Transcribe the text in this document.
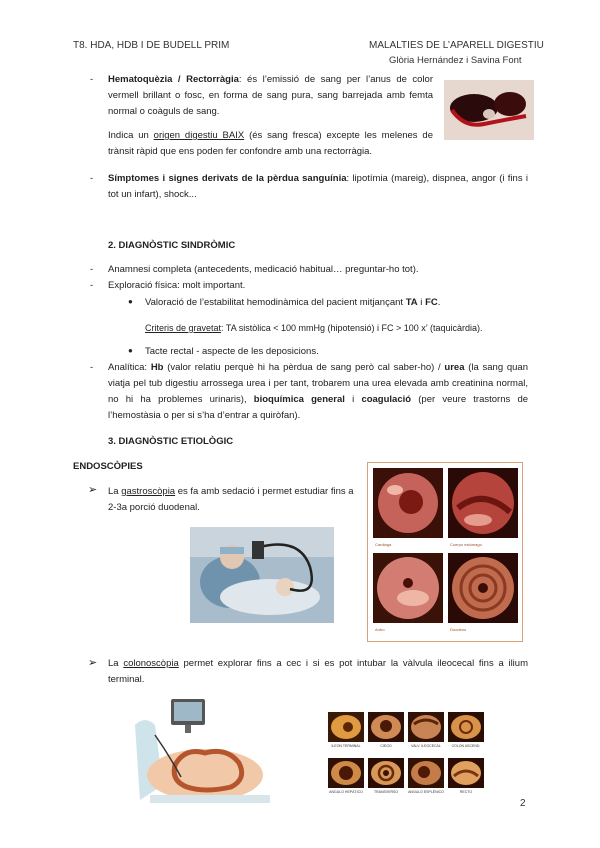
T8. HDA, HDB I DE BUDELL PRIM	MALALTIES DE L’APARELL DIGESTIU
Glòria Hernández i Savina Font
- Hematoquèzia / Rectorràgia: és l’emissió de sang per l’anus de color vermell brillant o fosc, en forma de sang pura, sang barrejada amb femta normal o coàguls de sang.
Indica un origen digestiu BAIX (és sang fresca) excepte les melenes de trànsit ràpid que ens poden fer confondre amb una rectorràgia.
- Símptomes i signes derivats de la pèrdua sanguínia: lipotímia (mareig), dispnea, angor (i fins i tot un infart), shock...
2. DIAGNÒSTIC SINDRÒMIC
- Anamnesi completa (antecedents, medicació habitual… preguntar-ho tot).
- Exploració física: molt important.
● Valoració de l’estabilitat hemodinàmica del pacient mitjançant TA i FC.
Criteris de gravetat: TA sistòlica < 100 mmHg (hipotensió) i FC > 100 x’ (taquicàrdia).
● Tacte rectal - aspecte de les deposicions.
- Analítica: Hb (valor relatiu perquè hi ha pèrdua de sang però cal saber-ho) / urea (la sang quan viatja pel tub digestiu arrossega urea i per tant, trobarem una urea elevada amb creatinina normal, no hi ha problemes urinaris), bioquímica general i coagulació (per veure trastorns de l’hemostàsia o per si s’ha d’entrar a quiròfan).
3. DIAGNÒSTIC ETIOLÒGIC
ENDOSCÒPIES
➢ La gastroscòpia es fa amb sedació i permet estudiar fins a 2-3a porció duodenal.
Cardiaga	Cuerpo estómago
Antro	Duodeno
➢ La colonoscòpia permet explorar fins a cec i si es pot intubar la vàlvula ileocecal fins a ilium terminal.
ILEON TERMINAL	CIEGO	VALV. ILEOCECAL	COLON ASCEND.
ANGULO HEPÁTICO	TRANSVERSO	ANGULO ESPLÉNICO	RECTO
2
